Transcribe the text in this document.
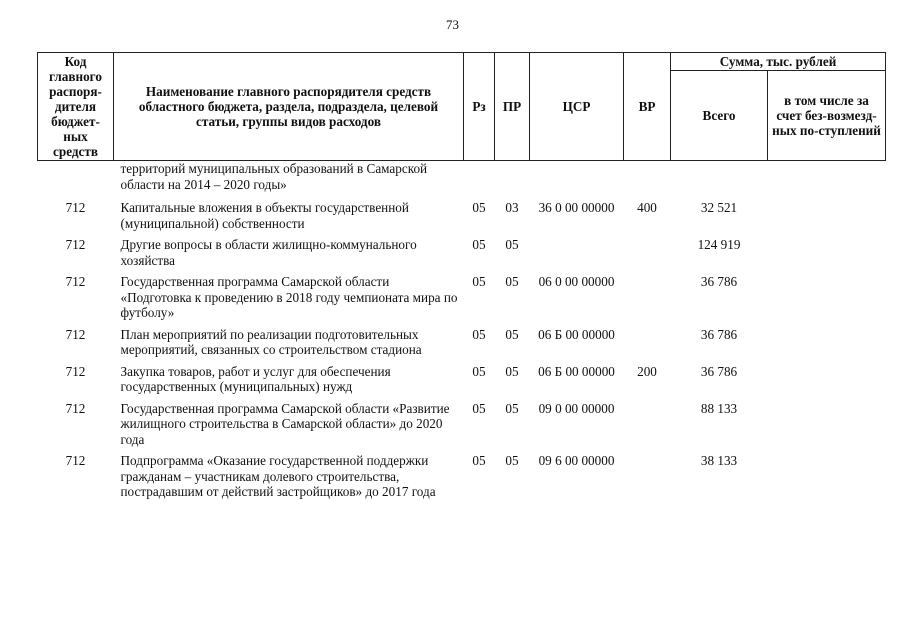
73
Код главного распоря-дителя бюджет-ных средств	Наименование главного распорядителя средств областного бюджета, раздела, подраздела, целевой статьи, группы видов расходов	Рз	ПР	ЦСР	ВР	Сумма, тыс. рублей	
						Всего	в том числе за счет без-возмезд-ных по-ступлений
	территорий муниципальных образований в Самарской области на 2014 – 2020 годы»						
712	Капитальные вложения в объекты государственной (муниципальной) собственности	05	03	36 0 00 00000	400	32 521	
712	Другие вопросы в области жилищно-коммунального хозяйства	05	05			124 919	
712	Государственная программа Самарской области «Подготовка к проведению в 2018 году чемпионата мира по футболу»	05	05	06 0 00 00000		36 786	
712	План мероприятий по реализации подготовительных мероприятий, связанных со строительством стадиона	05	05	06 Б 00 00000		36 786	
712	Закупка товаров, работ и услуг для обеспечения государственных (муниципальных) нужд	05	05	06 Б 00 00000	200	36 786	
712	Государственная программа Самарской области «Развитие жилищного строительства в Самарской области» до 2020 года	05	05	09 0 00 00000		88 133	
712	Подпрограмма «Оказание государственной поддержки гражданам – участникам долевого строительства, пострадавшим от действий застройщиков» до 2017 года	05	05	09 6 00 00000		38 133	
